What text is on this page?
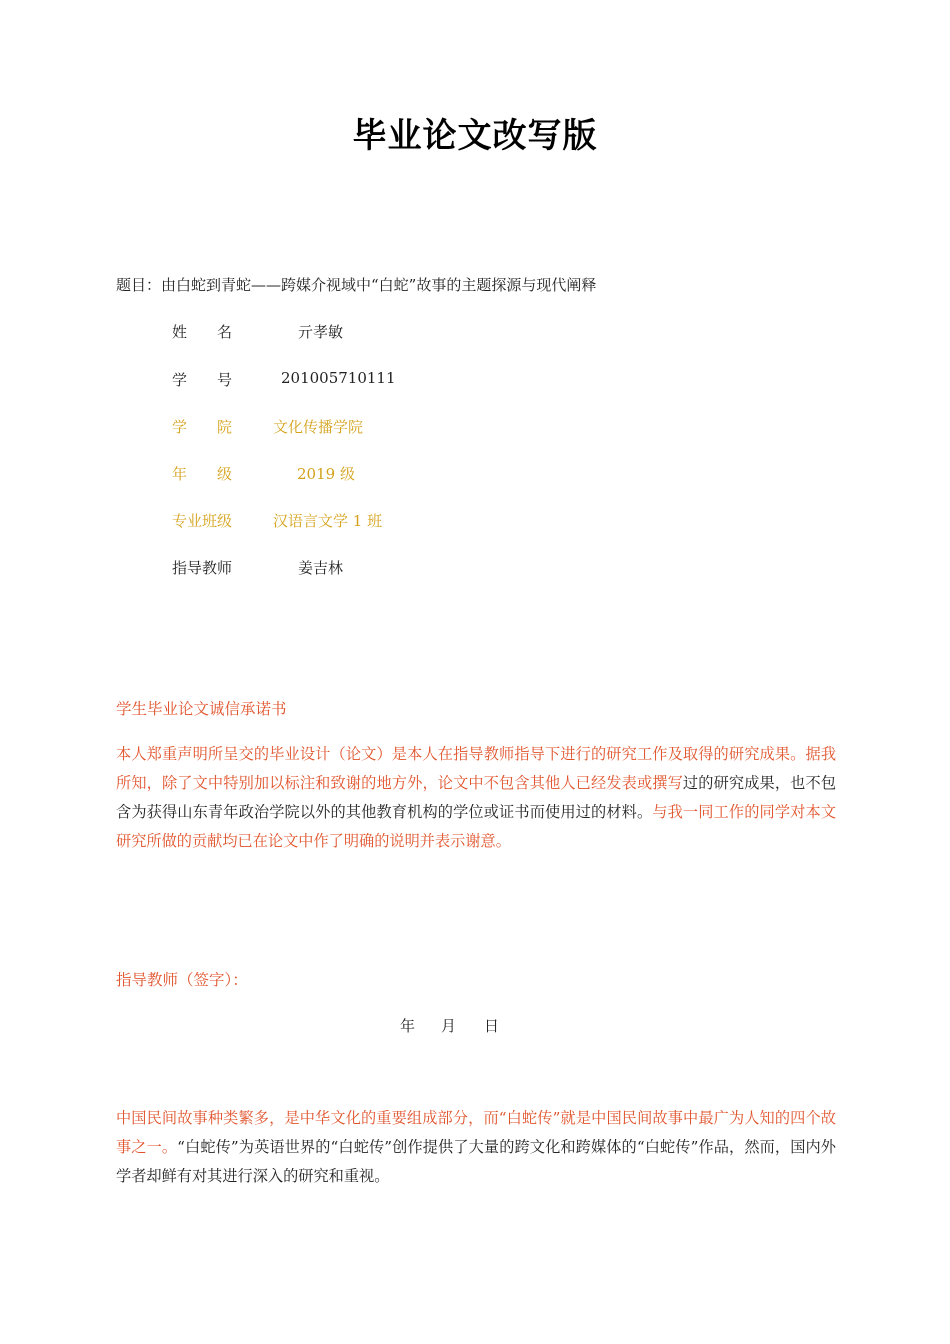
毕业论文改写版
题目：由白蛇到青蛇——跨媒介视域中“白蛇”故事的主题探源与现代阐释
姓　　名	亓孝敏
学　　号	201005710111
学　　院	文化传播学院
年　　级	2019 级
专业班级	汉语言文学 1 班
指导教师	姜吉林
学生毕业论文诚信承诺书
本人郑重声明所呈交的毕业设计（论文）是本人在指导教师指导下进行的研究工作及取得的研究成果。据我所知，除了文中特别加以标注和致谢的地方外，论文中不包含其他人已经发表或撰写过的研究成果，也不包含为获得山东青年政治学院以外的其他教育机构的学位或证书而使用过的材料。与我一同工作的同学对本文研究所做的贡献均已在论文中作了明确的说明并表示谢意。
指导教师（签字）：
年 月 日
中国民间故事种类繁多，是中华文化的重要组成部分，而“白蛇传”就是中国民间故事中最广为人知的四个故事之一。“白蛇传”为英语世界的“白蛇传”创作提供了大量的跨文化和跨媒体的“白蛇传”作品，然而，国内外学者却鲜有对其进行深入的研究和重视。
